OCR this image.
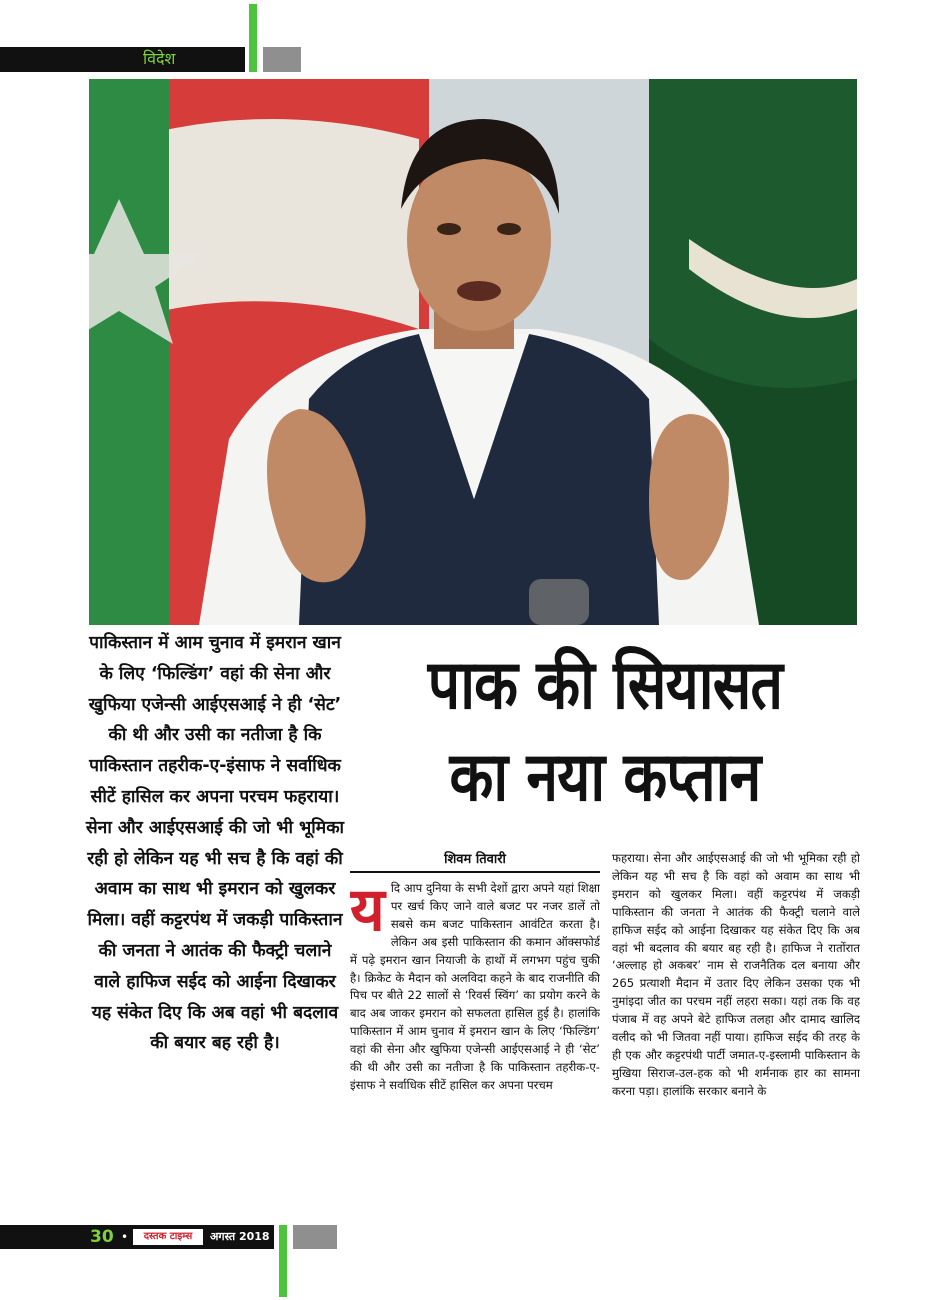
विदेश
पाकिस्तान में आम चुनाव में इमरान खान के लिए ‘फिल्डिंग’ वहां की सेना और खुफिया एजेन्सी आईएसआई ने ही ‘सेट’ की थी और उसी का नतीजा है कि पाकिस्तान तहरीक-ए-इंसाफ ने सर्वाधिक सीटें हासिल कर अपना परचम फहराया। सेना और आईएसआई की जो भी भूमिका रही हो लेकिन यह भी सच है कि वहां की अवाम का साथ भी इमरान को खुलकर मिला। वहीं कट्टरपंथ में जकड़ी पाकिस्तान की जनता ने आतंक की फैक्ट्री चलाने वाले हाफिज सईद को आईना दिखाकर यह संकेत दिए कि अब वहां भी बदलाव की बयार बह रही है।
पाक की सियासत
का नया कप्तान
शिवम तिवारी
यदि आप दुनिया के सभी देशों द्वारा अपने यहां शिक्षा पर खर्च किए जाने वाले बजट पर नजर डालें तो सबसे कम बजट पाकिस्तान आवंटित करता है। लेकिन अब इसी पाकिस्तान की कमान ऑक्सफोर्ड में पढ़े इमरान खान नियाजी के हाथों में लगभग पहुंच चुकी है। क्रिकेट के मैदान को अलविदा कहने के बाद राजनीति की पिच पर बीते 22 सालों से ‘रिवर्स स्विंग’ का प्रयोग करने के बाद अब जाकर इमरान को सफलता हासिल हुई है। हालांकि पाकिस्तान में आम चुनाव में इमरान खान के लिए ‘फिल्डिंग’ वहां की सेना और खुफिया एजेन्सी आईएसआई ने ही ‘सेट’ की थी और उसी का नतीजा है कि पाकिस्तान तहरीक-ए-इंसाफ ने सर्वाधिक सीटें हासिल कर अपना परचम
फहराया। सेना और आईएसआई की जो भी भूमिका रही हो लेकिन यह भी सच है कि वहां को अवाम का साथ भी इमरान को खुलकर मिला। वहीं कट्टरपंथ में जकड़ी पाकिस्तान की जनता ने आतंक की फैक्ट्री चलाने वाले हाफिज सईद को आईना दिखाकर यह संकेत दिए कि अब वहां भी बदलाव की बयार बह रही है। हाफिज ने रातोंरात ‘अल्लाह हो अकबर’ नाम से राजनैतिक दल बनाया और 265 प्रत्याशी मैदान में उतार दिए लेकिन उसका एक भी नुमांइदा जीत का परचम नहीं लहरा सका। यहां तक कि वह पंजाब में वह अपने बेटे हाफिज तलहा और दामाद खालिद वलीद को भी जितवा नहीं पाया। हाफिज सईद की तरह के ही एक और कट्टरपंथी पार्टी जमात-ए-इस्लामी पाकिस्तान के मुखिया सिराज-उल-हक को भी शर्मनाक हार का सामना करना पड़ा। हालांकि सरकार बनाने के
30 •	दस्तक टाइम्स	अगस्त 2018
